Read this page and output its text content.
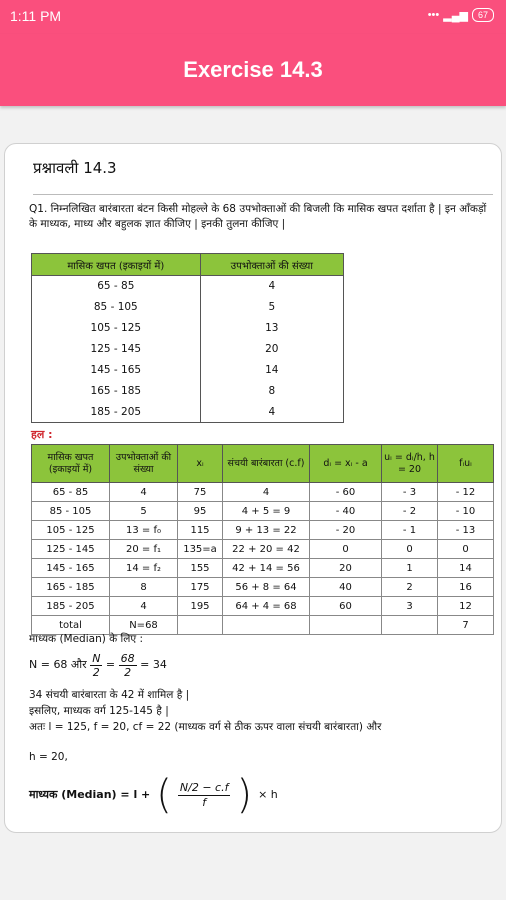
1:11 PM	••• ▂▄▆	67
Exercise 14.3
प्रश्नावली 14.3
Q1. निम्नलिखित बारंबारता बंटन किसी मोहल्ले के 68 उपभोक्ताओं की बिजली कि मासिक खपत दर्शाता है | इन आँकड़ों के माध्यक, माध्य और बहुलक ज्ञात कीजिए | इनकी तुलना कीजिए |
मासिक खपत (इकाइयों में)	उपभोक्ताओं की संख्या
65 - 85	4
85 - 105	5
105 - 125	13
125 - 145	20
145 - 165	14
165 - 185	8
185 - 205	4
हल :
मासिक खपत (इकाइयों में)	उपभोक्ताओं की संख्या	xᵢ	संचयी बारंबारता (c.f)	dᵢ = xᵢ - a	uᵢ = dᵢ/h, h = 20	fᵢuᵢ
65 - 85	4	75	4	- 60	- 3	- 12
85 - 105	5	95	4 + 5 = 9	- 40	- 2	- 10
105 - 125	13 = f₀	115	9 + 13 = 22	- 20	- 1	- 13
125 - 145	20 = f₁	135=a	22 + 20 = 42	0	0	0
145 - 165	14 = f₂	155	42 + 14 = 56	20	1	14
165 - 185	8	175	56 + 8 = 64	40	2	16
185 - 205	4	195	64 + 4 = 68	60	3	12
total	N=68					7
माध्यक (Median) के लिए :
N = 68 और $\frac{N}{2} = \frac{68}{2} = 34$
34 संचयी बारंबारता के 42 में शामिल है |
इसलिए, माध्यक वर्ग 125-145 है |
अतः l = 125, f = 20, cf = 22 (माध्यक वर्ग से ठीक ऊपर वाला संचयी बारंबारता) और
h = 20,
माध्यक (Median) = l + ( $\frac{N/2 - c.f}{f}$ ) × h
